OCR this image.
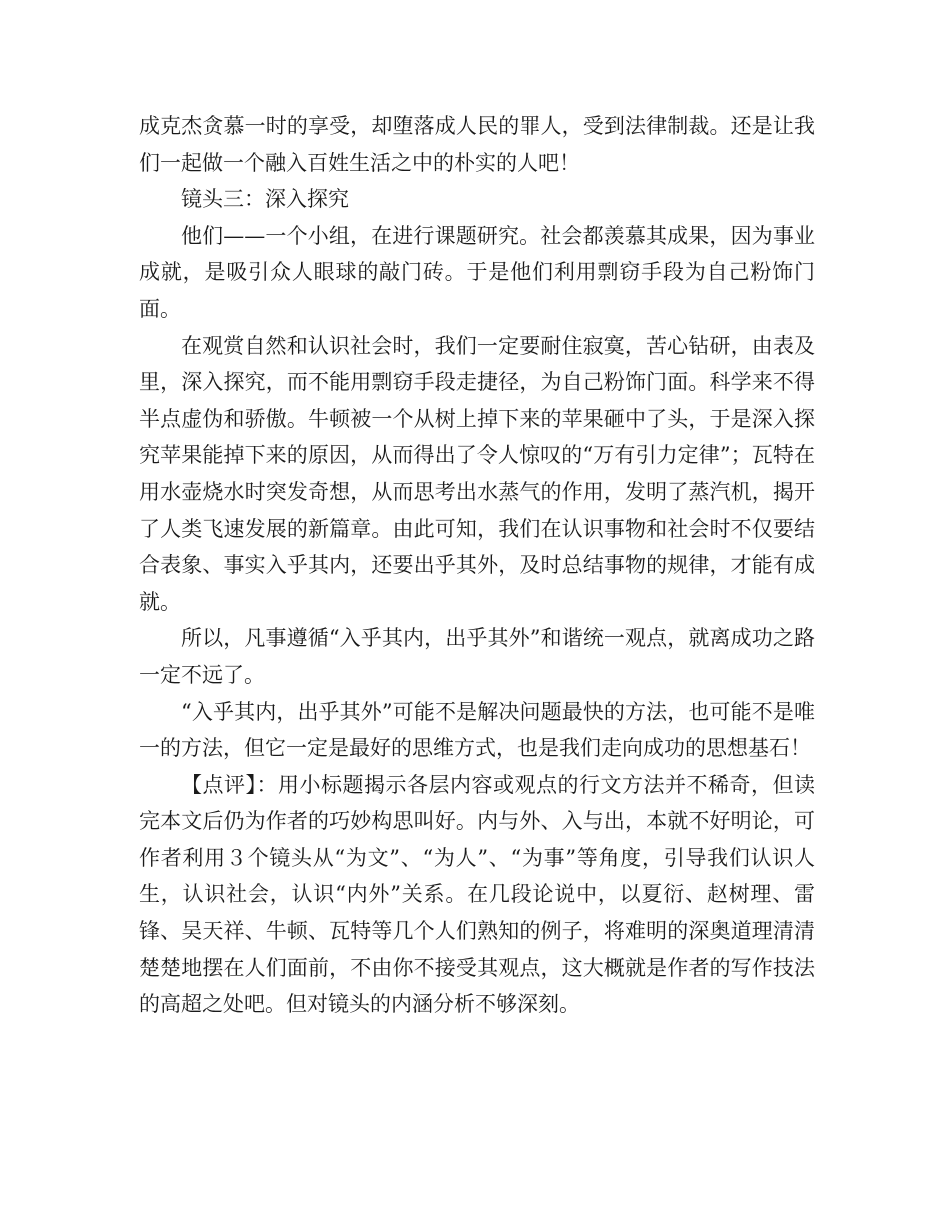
成克杰贪慕一时的享受，却堕落成人民的罪人，受到法律制裁。还是让我们一起做一个融入百姓生活之中的朴实的人吧！

镜头三：深入探究

他们——一个小组，在进行课题研究。社会都羡慕其成果，因为事业成就，是吸引众人眼球的敲门砖。于是他们利用剽窃手段为自己粉饰门面。

在观赏自然和认识社会时，我们一定要耐住寂寞，苦心钻研，由表及里，深入探究，而不能用剽窃手段走捷径，为自己粉饰门面。科学来不得半点虚伪和骄傲。牛顿被一个从树上掉下来的苹果砸中了头，于是深入探究苹果能掉下来的原因，从而得出了令人惊叹的“万有引力定律”；瓦特在用水壶烧水时突发奇想，从而思考出水蒸气的作用，发明了蒸汽机，揭开了人类飞速发展的新篇章。由此可知，我们在认识事物和社会时不仅要结合表象、事实入乎其内，还要出乎其外，及时总结事物的规律，才能有成就。

所以，凡事遵循“入乎其内，出乎其外”和谐统一观点，就离成功之路一定不远了。

“入乎其内，出乎其外”可能不是解决问题最快的方法，也可能不是唯一的方法，但它一定是最好的思维方式，也是我们走向成功的思想基石！

【点评】：用小标题揭示各层内容或观点的行文方法并不稀奇，但读完本文后仍为作者的巧妙构思叫好。内与外、入与出，本就不好明论，可作者利用３个镜头从“为文”、“为人”、“为事”等角度，引导我们认识人生，认识社会，认识“内外”关系。在几段论说中，以夏衍、赵树理、雷锋、吴天祥、牛顿、瓦特等几个人们熟知的例子，将难明的深奥道理清清楚楚地摆在人们面前，不由你不接受其观点，这大概就是作者的写作技法的高超之处吧。但对镜头的内涵分析不够深刻。
